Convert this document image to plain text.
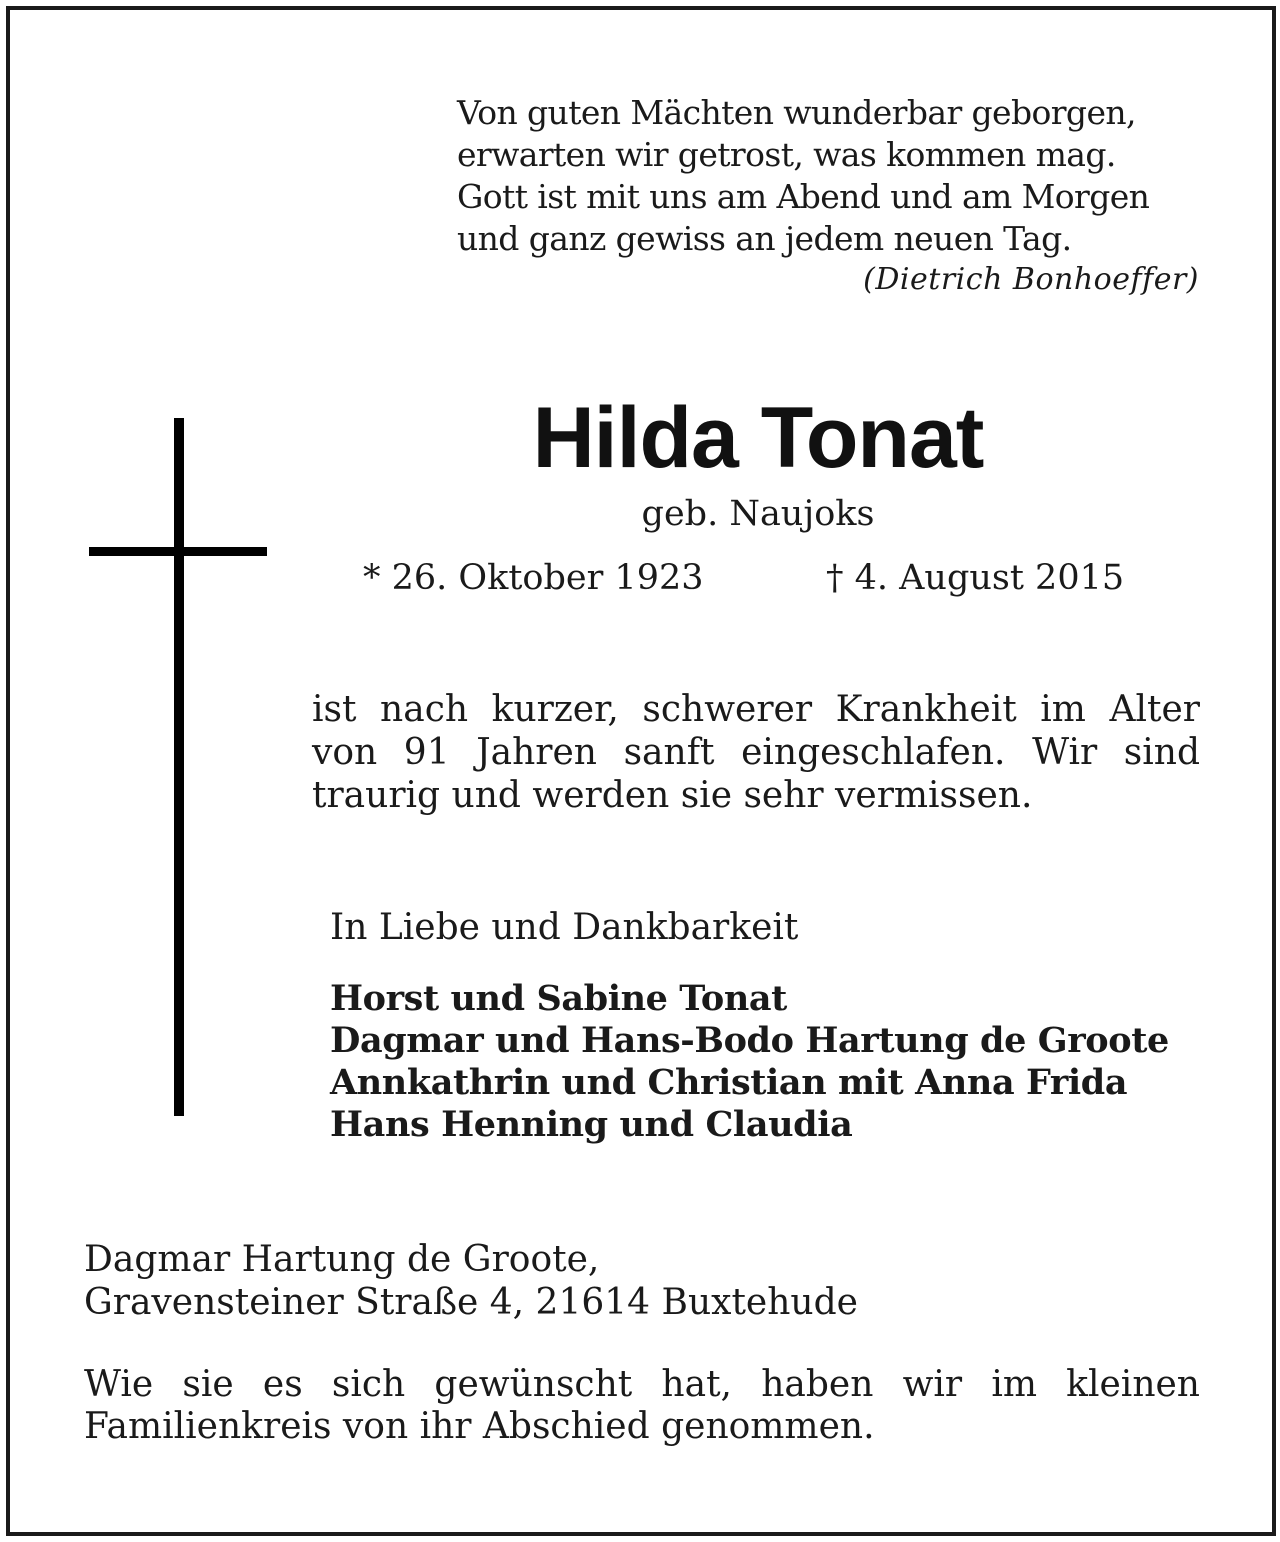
Von guten Mächten wunderbar geborgen,
erwarten wir getrost, was kommen mag.
Gott ist mit uns am Abend und am Morgen
und ganz gewiss an jedem neuen Tag.
(Dietrich Bonhoeffer)
Hilda Tonat
geb. Naujoks
* 26. Oktober 1923	† 4. August 2015
ist nach kurzer, schwerer Krankheit im Alter
von 91 Jahren sanft eingeschlafen. Wir sind
traurig und werden sie sehr vermissen.
In Liebe und Dankbarkeit
Horst und Sabine Tonat
Dagmar und Hans-Bodo Hartung de Groote
Annkathrin und Christian mit Anna Frida
Hans Henning und Claudia
Dagmar Hartung de Groote,
Gravensteiner Straße 4, 21614 Buxtehude
Wie sie es sich gewünscht hat, haben wir im kleinen
Familienkreis von ihr Abschied genommen.
